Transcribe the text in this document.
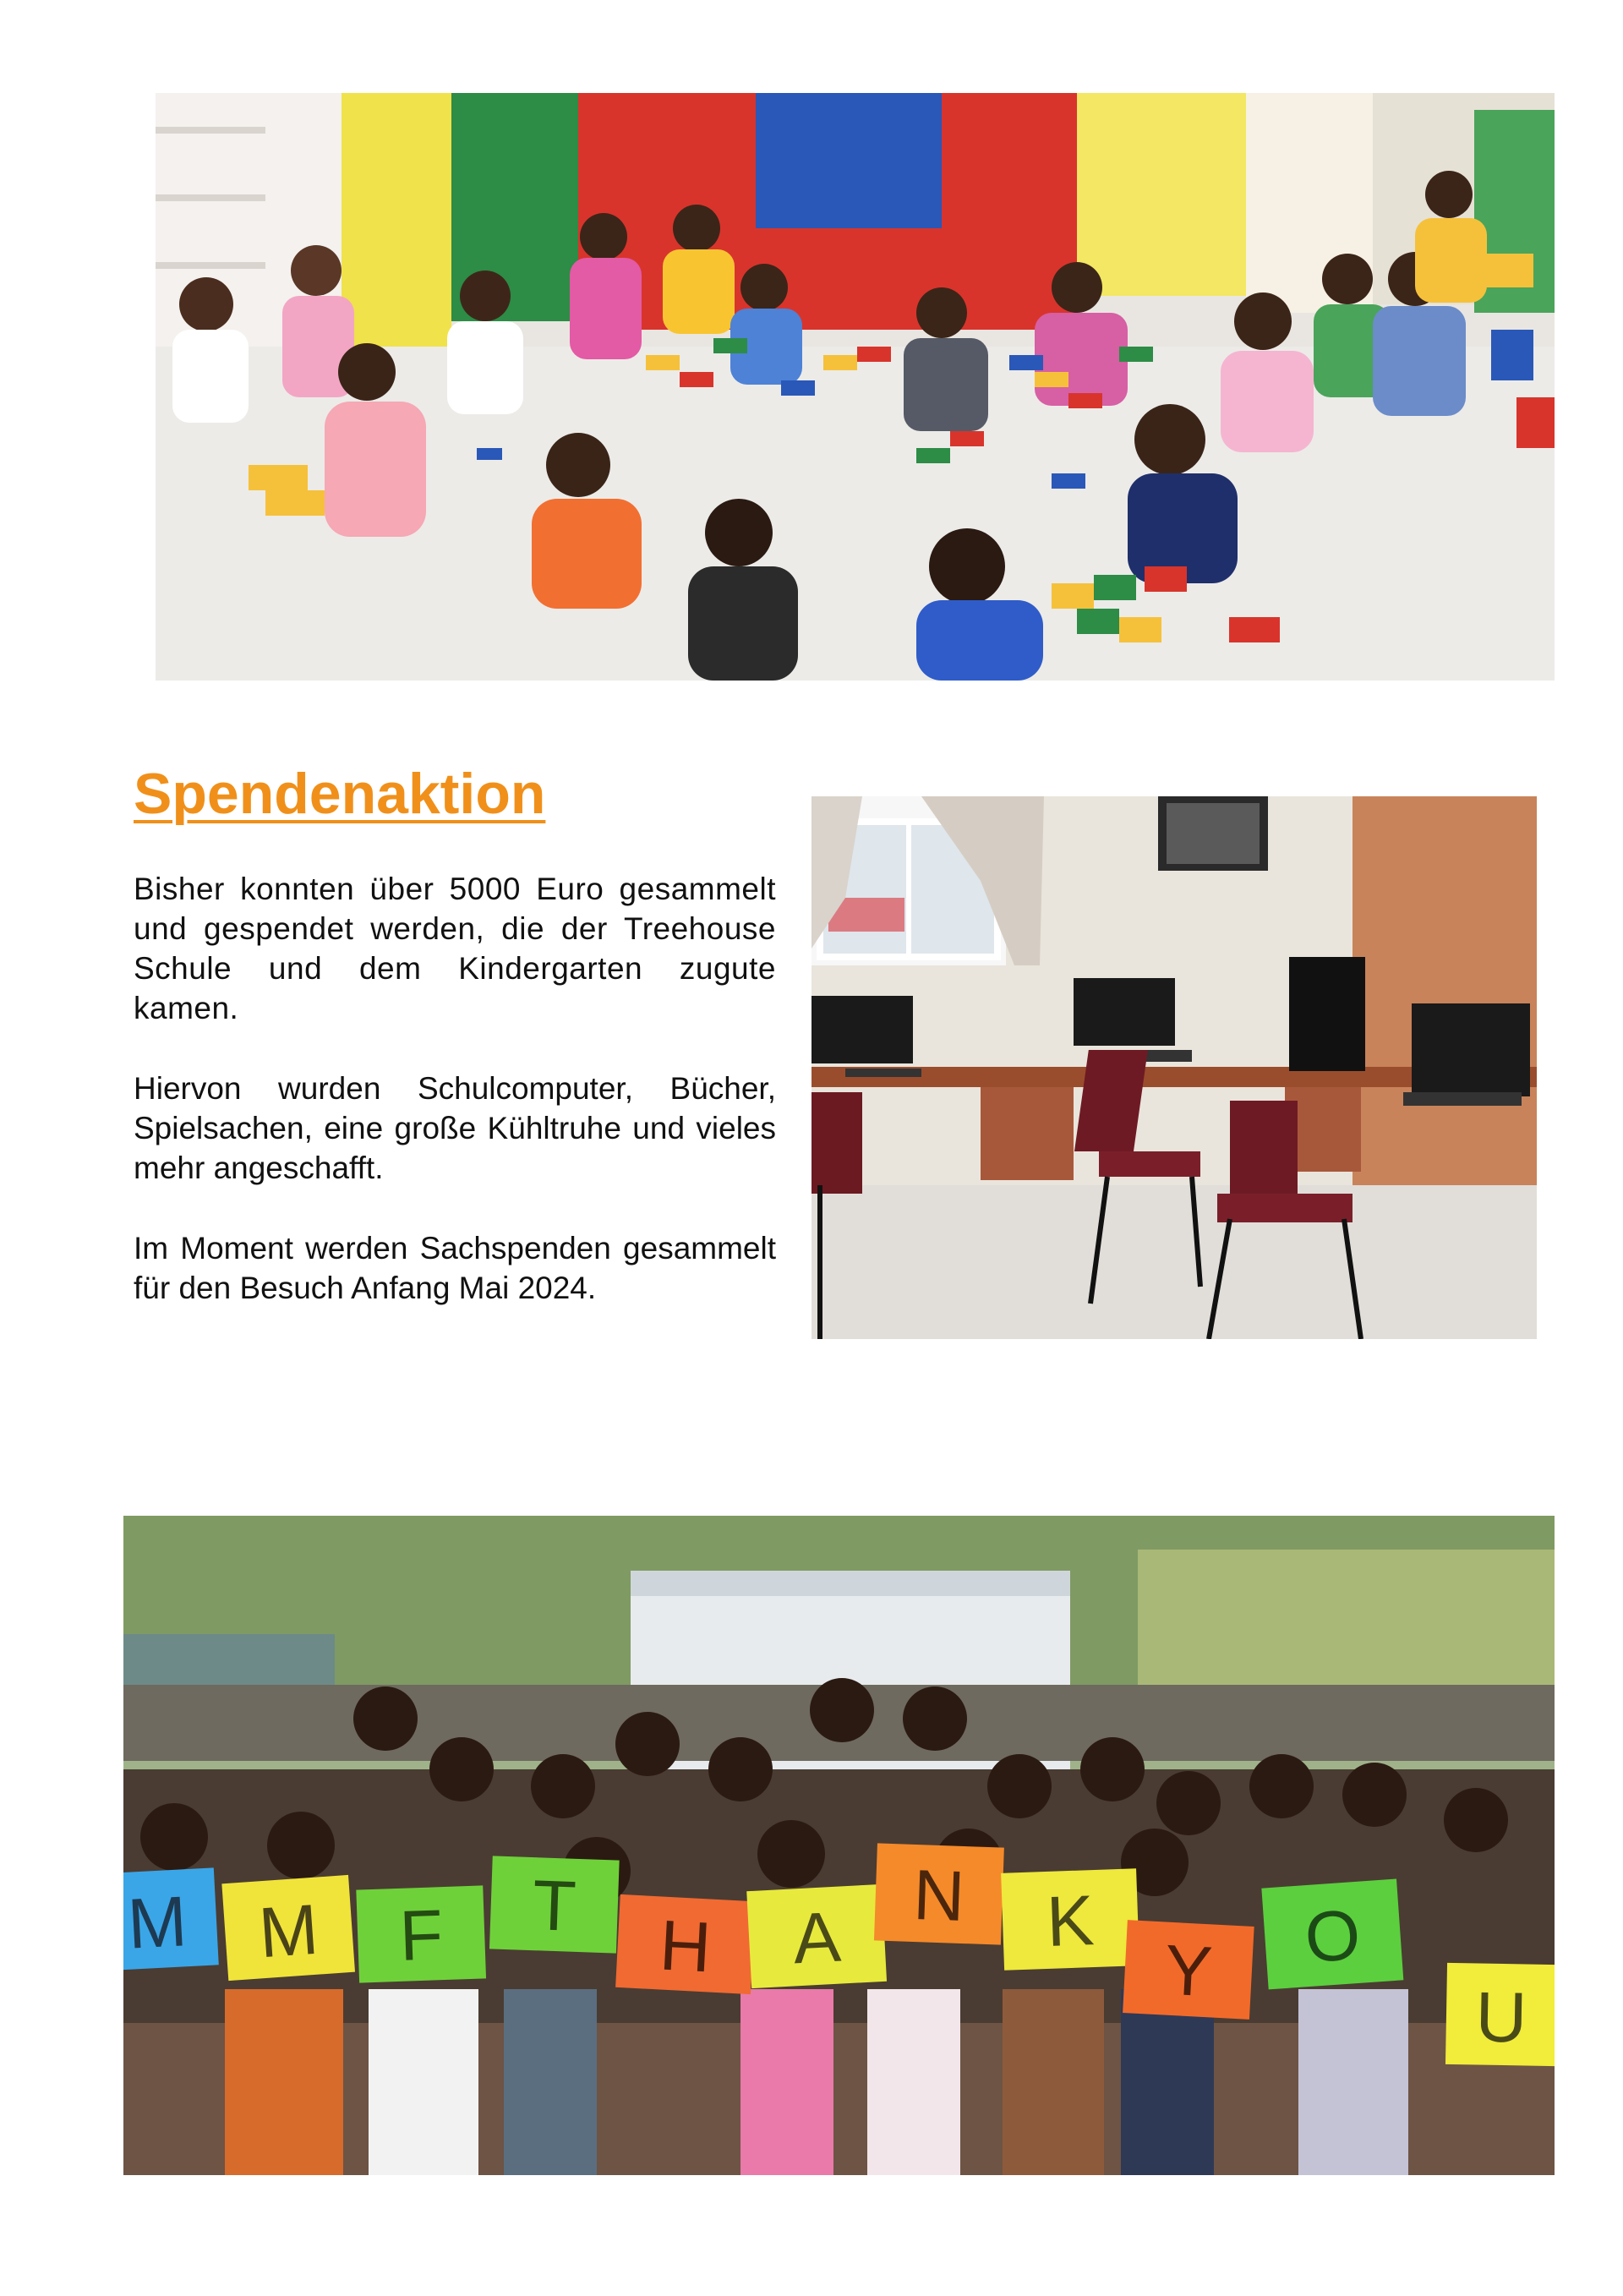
Spendenaktion

Bisher konnten über 5000 Euro gesammelt und gespendet werden, die der Treehouse Schule und dem Kindergarten zugute kamen.

Hiervon wurden Schulcomputer, Bücher, Spielsachen, eine große Kühltruhe und vieles mehr angeschafft.

Im Moment werden Sachspenden gesammelt für den Besuch Anfang Mai 2024.

M M F T H A
N K
Y O
U
